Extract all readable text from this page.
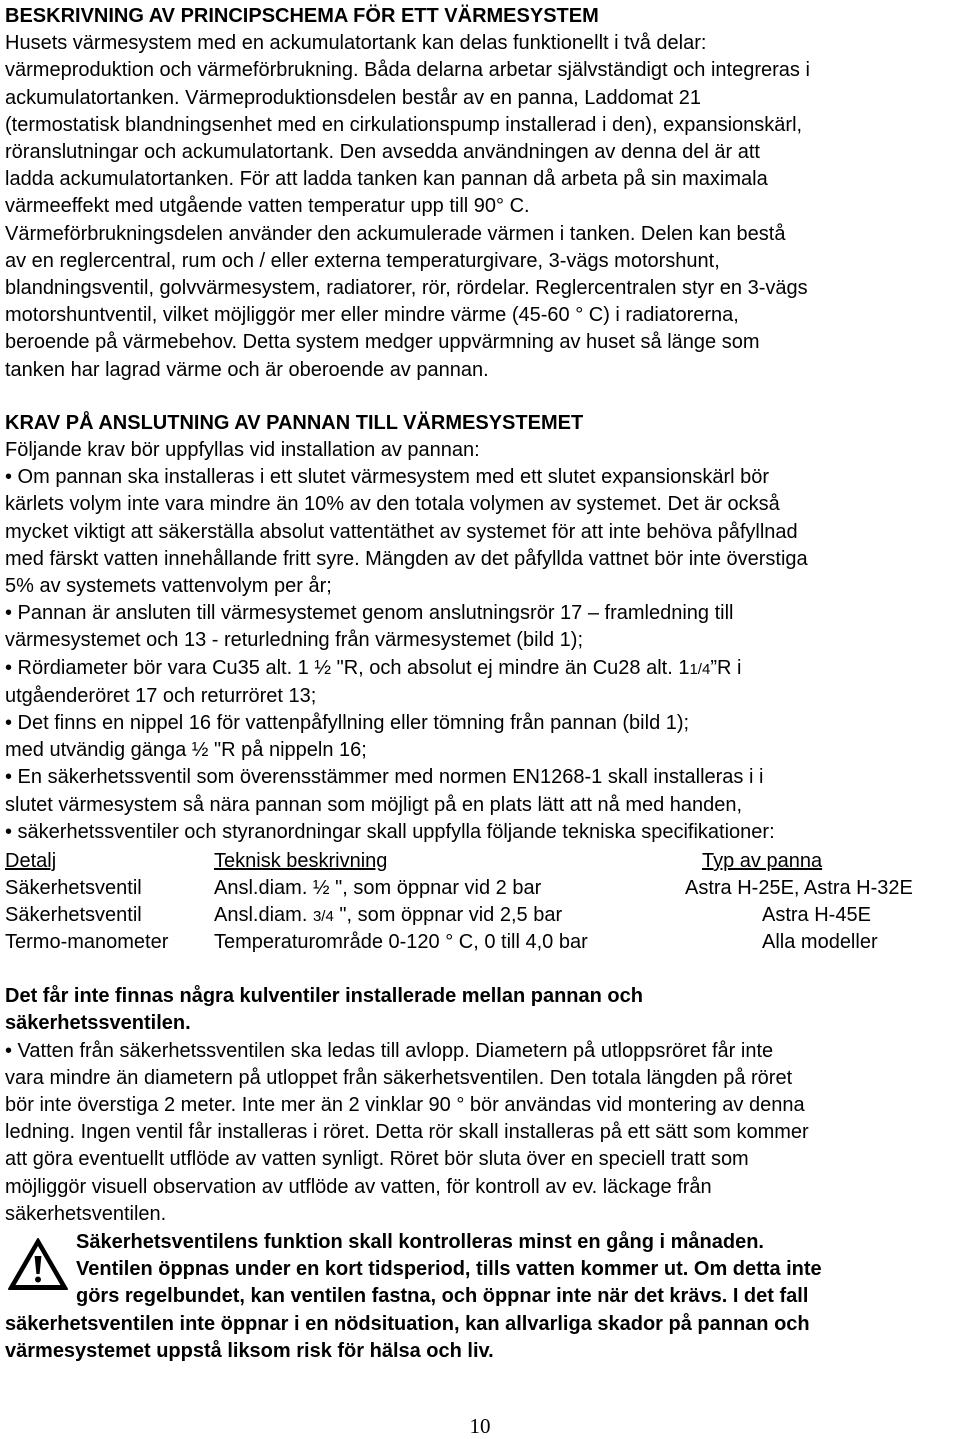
BESKRIVNING AV PRINCIPSCHEMA FÖR ETT VÄRMESYSTEM

Husets värmesystem med en ackumulatortank kan delas funktionellt i två delar:

värmeproduktion och värmeförbrukning. Båda delarna arbetar självständigt och integreras i

ackumulatortanken. Värmeproduktionsdelen består av en panna, Laddomat 21

(termostatisk blandningsenhet med en cirkulationspump installerad i den), expansionskärl,

röranslutningar och ackumulatortank. Den avsedda användningen av denna del är att

ladda ackumulatortanken. För att ladda tanken kan pannan då arbeta på sin maximala

värmeeffekt med utgående vatten temperatur upp till 90° C.

Värmeförbrukningsdelen använder den ackumulerade värmen i tanken. Delen kan bestå

av en reglercentral, rum och / eller externa temperaturgivare, 3-vägs motorshunt,

blandningsventil, golvvärmesystem, radiatorer, rör, rördelar. Reglercentralen styr en 3-vägs

motorshuntventil, vilket möjliggör mer eller mindre värme (45-60 ° C) i radiatorerna,

beroende på värmebehov. Detta system medger uppvärmning av huset så länge som

tanken har lagrad värme och är oberoende av pannan.

KRAV PÅ ANSLUTNING AV PANNAN TILL VÄRMESYSTEMET

Följande krav bör uppfyllas vid installation av pannan:

• Om pannan ska installeras i ett slutet värmesystem med ett slutet expansionskärl bör

kärlets volym inte vara mindre än 10% av den totala volymen av systemet. Det är också

mycket viktigt att säkerställa absolut vattentäthet av systemet för att inte behöva påfyllnad

med färskt vatten innehållande fritt syre. Mängden av det påfyllda vattnet bör inte överstiga

5% av systemets vattenvolym per år;

• Pannan är ansluten till värmesystemet genom anslutningsrör 17 – framledning till

värmesystemet och 13 - returledning från värmesystemet (bild 1);

• Rördiameter bör vara Cu35 alt. 1 ½ "R, och absolut ej mindre än Cu28 alt. 11/4”R i

utgåenderöret 17 och returröret 13;

• Det finns en nippel 16 för vattenpåfyllning eller tömning från pannan (bild 1);

med utvändig gänga ½ "R på nippeln 16;

• En säkerhetssventil som överensstämmer med normen EN1268-1 skall installeras i i

slutet värmesystem så nära pannan som möjligt på en plats lätt att nå med handen,

• säkerhetssventiler och styranordningar skall uppfylla följande tekniska specifikationer:

Detalj	Teknisk beskrivning	Typ av panna
Säkerhetsventil	Ansl.diam. ½ ", som öppnar vid 2 bar	Astra H-25E, Astra H-32E
Säkerhetsventil	Ansl.diam. 3/4 ", som öppnar vid 2,5 bar	Astra H-45E
Termo-manometer Temperaturområde 0-120 ° C, 0 till 4,0 bar	Alla modeller

Det får inte finnas några kulventiler installerade mellan pannan och

säkerhetssventilen.

• Vatten från säkerhetssventilen ska ledas till avlopp. Diametern på utloppsröret får inte

vara mindre än diametern på utloppet från säkerhetsventilen. Den totala längden på röret

bör inte överstiga 2 meter. Inte mer än 2 vinklar 90 ° bör användas vid montering av denna

ledning. Ingen ventil får installeras i röret. Detta rör skall installeras på ett sätt som kommer

att göra eventuellt utflöde av vatten synligt. Röret bör sluta över en speciell tratt som

möjliggör visuell observation av utflöde av vatten, för kontroll av ev. läckage från

säkerhetsventilen.

Säkerhetsventilens funktion skall kontrolleras minst en gång i månaden.

Ventilen öppnas under en kort tidsperiod, tills vatten kommer ut. Om detta inte

görs regelbundet, kan ventilen fastna, och öppnar inte när det krävs. I det fall

säkerhetsventilen inte öppnar i en nödsituation, kan allvarliga skador på pannan och

värmesystemet uppstå liksom risk för hälsa och liv.

10
